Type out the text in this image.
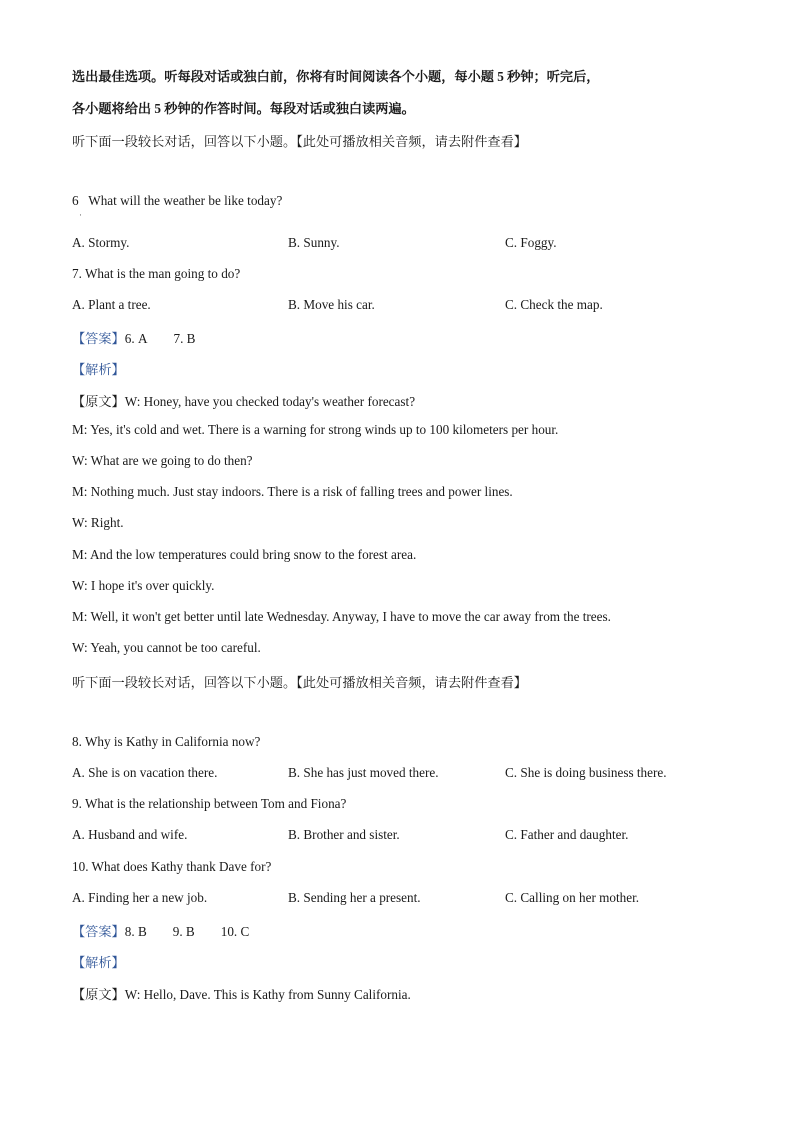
选出最佳选项。听每段对话或独白前，你将有时间阅读各个小题，每小题 5 秒钟；听完后，
各小题将给出 5 秒钟的作答时间。每段对话或独白读两遍。
听下面一段较长对话，回答以下小题。【此处可播放相关音频，请去附件查看】
6 What will the weather be like today?
·
A. Stormy.	B. Sunny.	C. Foggy.
7. What is the man going to do?
A. Plant a tree.	B. Move his car.	C. Check the map.
【答案】6. A 7. B
【解析】
【原文】W: Honey, have you checked today's weather forecast?
M: Yes, it's cold and wet. There is a warning for strong winds up to 100 kilometers per hour.
W: What are we going to do then?
M: Nothing much. Just stay indoors. There is a risk of falling trees and power lines.
W: Right.
M: And the low temperatures could bring snow to the forest area.
W: I hope it's over quickly.
M: Well, it won't get better until late Wednesday. Anyway, I have to move the car away from the trees.
W: Yeah, you cannot be too careful.
听下面一段较长对话，回答以下小题。【此处可播放相关音频，请去附件查看】
8. Why is Kathy in California now?
A. She is on vacation there.	B. She has just moved there.	C. She is doing business there.
9. What is the relationship between Tom and Fiona?
A. Husband and wife.	B. Brother and sister.	C. Father and daughter.
10. What does Kathy thank Dave for?
A. Finding her a new job.	B. Sending her a present.	C. Calling on her mother.
【答案】8. B 9. B 10. C
【解析】
【原文】W: Hello, Dave. This is Kathy from Sunny California.
